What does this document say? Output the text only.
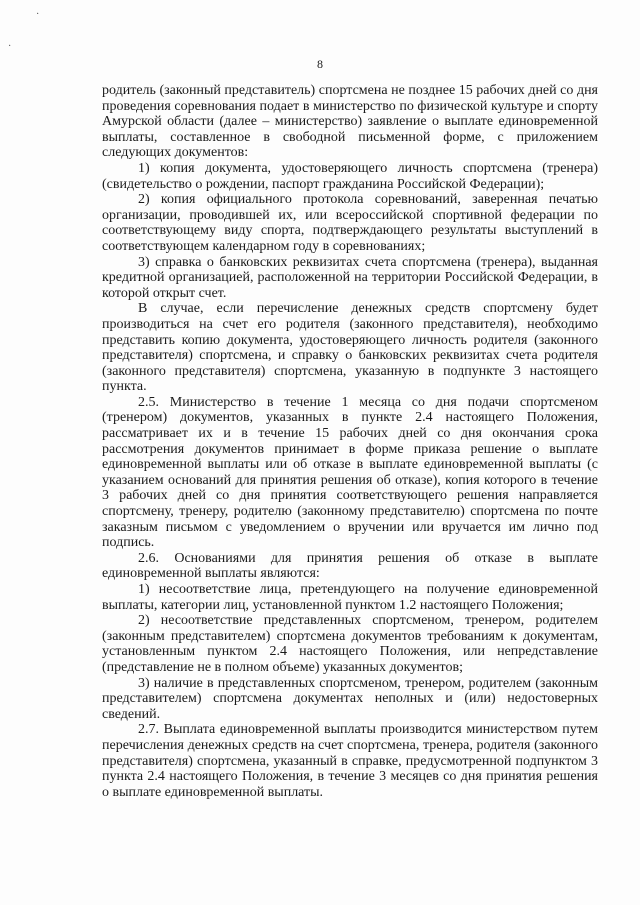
·
·
8

родитель (законный представитель) спортсмена не позднее 15 рабочих дней со дня проведения соревнования подает в министерство по физической культуре и спорту Амурской области (далее – министерство) заявление о выплате единовременной выплаты, составленное в свободной письменной форме, с приложением следующих документов:

1) копия документа, удостоверяющего личность спортсмена (тренера) (свидетельство о рождении, паспорт гражданина Российской Федерации);

2) копия официального протокола соревнований, заверенная печатью организации, проводившей их, или всероссийской спортивной федерации по соответствующему виду спорта, подтверждающего результаты выступлений в соответствующем календарном году в соревнованиях;

3) справка о банковских реквизитах счета спортсмена (тренера), выданная кредитной организацией, расположенной на территории Российской Федерации, в которой открыт счет.

В случае, если перечисление денежных средств спортсмену будет производиться на счет его родителя (законного представителя), необходимо представить копию документа, удостоверяющего личность родителя (законного представителя) спортсмена, и справку о банковских реквизитах счета родителя (законного представителя) спортсмена, указанную в подпункте 3 настоящего пункта.

2.5. Министерство в течение 1 месяца со дня подачи спортсменом (тренером) документов, указанных в пункте 2.4 настоящего Положения, рассматривает их и в течение 15 рабочих дней со дня окончания срока рассмотрения документов принимает в форме приказа решение о выплате единовременной выплаты или об отказе в выплате единовременной выплаты (с указанием оснований для принятия решения об отказе), копия которого в течение 3 рабочих дней со дня принятия соответствующего решения направляется спортсмену, тренеру, родителю (законному представителю) спортсмена по почте заказным письмом с уведомлением о вручении или вручается им лично под подпись.

2.6. Основаниями для принятия решения об отказе в выплате единовременной выплаты являются:

1) несоответствие лица, претендующего на получение единовременной выплаты, категории лиц, установленной пунктом 1.2 настоящего Положения;

2) несоответствие представленных спортсменом, тренером, родителем (законным представителем) спортсмена документов требованиям к документам, установленным пунктом 2.4 настоящего Положения, или непредставление (представление не в полном объеме) указанных документов;

3) наличие в представленных спортсменом, тренером, родителем (законным представителем) спортсмена документах неполных и (или) недостоверных сведений.

2.7. Выплата единовременной выплаты производится министерством путем перечисления денежных средств на счет спортсмена, тренера, родителя (законного представителя) спортсмена, указанный в справке, предусмотренной подпунктом 3 пункта 2.4 настоящего Положения, в течение 3 месяцев со дня принятия решения о выплате единовременной выплаты.
